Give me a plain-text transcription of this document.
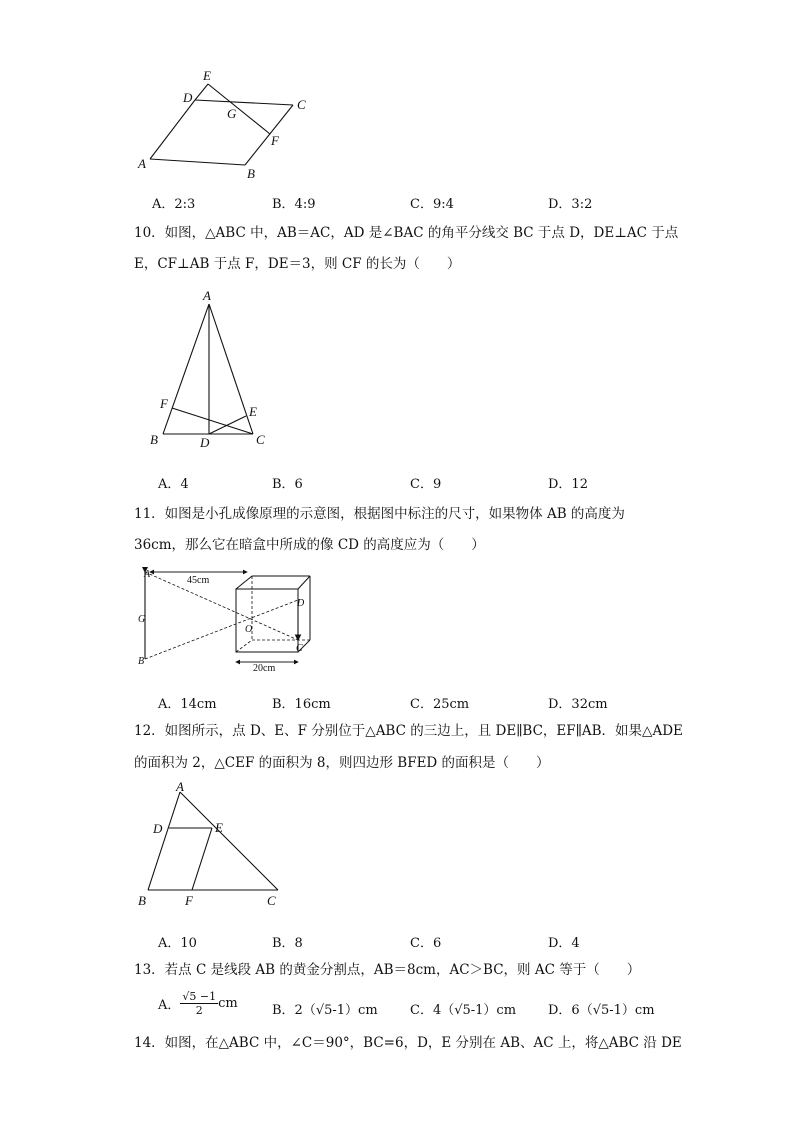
A
B
C
D
E
F
G
A．2:3	B．4:9	C．9:4	D．3:2
10．如图，△ABC 中，AB＝AC，AD 是∠BAC 的角平分线交 BC 于点 D，DE⊥AC 于点
E，CF⊥AB 于点 F，DE＝3，则 CF 的长为（　　）
A
B	C
D
E
F
A．4	B．6	C．9	D．12
11．如图是小孔成像原理的示意图，根据图中标注的尺寸，如果物体 AB 的高度为
36cm，那么它在暗盒中所成的像 CD 的高度应为（　　）
45cm
20cm
A
B
G
O
D
C
A．14cm	B．16cm	C．25cm	D．32cm
12．如图所示，点 D、E、F 分别位于△ABC 的三边上，且 DE∥BC，EF∥AB．如果△ADE
的面积为 2，△CEF 的面积为 8，则四边形 BFED 的面积是（　　）
A
B	C
D	E
F
A．10	B．8	C．6	D．4
13．若点 C 是线段 AB 的黄金分割点，AB＝8cm，AC＞BC，则 AC 等于（　　）
A． $\frac{√5 -1}{2}$ cm	B．2（√5-1）cm C．4（√5-1）cm D．6（√5-1）cm
14．如图，在△ABC 中，∠C＝90°，BC=6，D，E 分别在 AB、AC 上，将△ABC 沿 DE
